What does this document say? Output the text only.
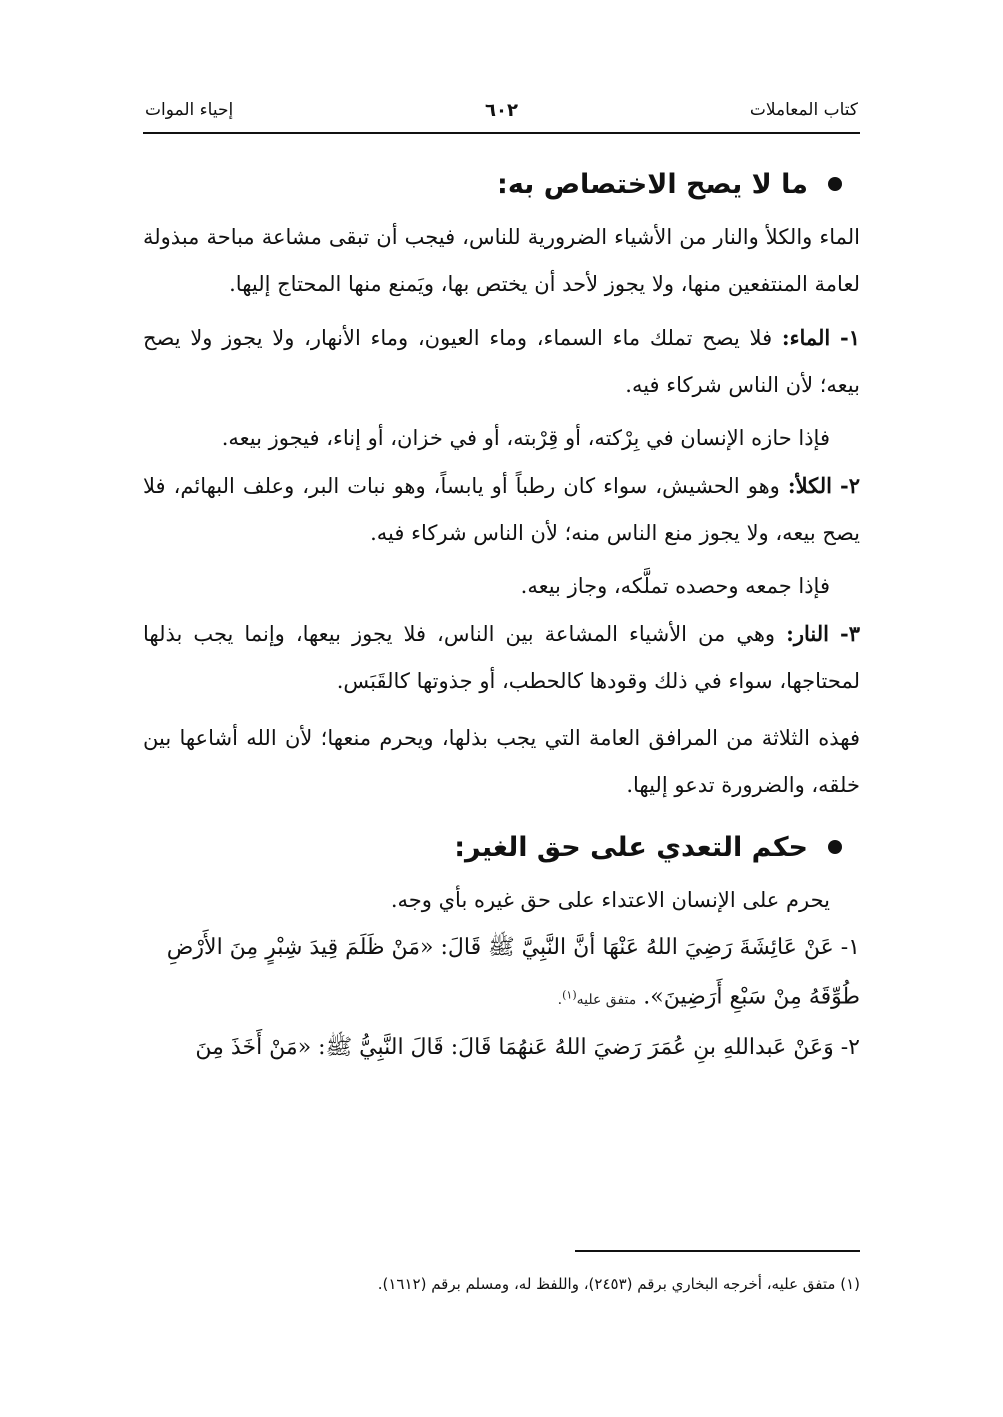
كتاب المعاملات
٦٠٢
إحياء الموات
ما لا يصح الاختصاص به:

الماء والكلأ والنار من الأشياء الضرورية للناس، فيجب أن تبقى مشاعة مباحة مبذولة لعامة المنتفعين منها، ولا يجوز لأحد أن يختص بها، ويَمنع منها المحتاج إليها.

١- الماء: فلا يصح تملك ماء السماء، وماء العيون، وماء الأنهار، ولا يجوز ولا يصح بيعه؛ لأن الناس شركاء فيه.

فإذا حازه الإنسان في بِرْكته، أو قِرْبته، أو في خزان، أو إناء، فيجوز بيعه.

٢- الكلأ: وهو الحشيش، سواء كان رطباً أو يابساً، وهو نبات البر، وعلف البهائم، فلا يصح بيعه، ولا يجوز منع الناس منه؛ لأن الناس شركاء فيه.

فإذا جمعه وحصده تملَّكه، وجاز بيعه.

٣- النار: وهي من الأشياء المشاعة بين الناس، فلا يجوز بيعها، وإنما يجب بذلها لمحتاجها، سواء في ذلك وقودها كالحطب، أو جذوتها كالقَبَس.

فهذه الثلاثة من المرافق العامة التي يجب بذلها، ويحرم منعها؛ لأن الله أشاعها بين خلقه، والضرورة تدعو إليها.

حكم التعدي على حق الغير:

يحرم على الإنسان الاعتداء على حق غيره بأي وجه.

١- عَنْ عَائِشَةَ رَضِيَ اللهُ عَنْهَا أنَّ النَّبِيَّ ﷺ قَالَ: «مَنْ ظَلَمَ قِيدَ شِبْرٍ مِنَ الأَرْضِ طُوِّقَهُ مِنْ سَبْعِ أَرَضِينَ». متفق عليه$^{(١)}$.

٢- وَعَنْ عَبداللهِ بنِ عُمَرَ رَضيَ اللهُ عَنهُمَا قَالَ: قَالَ النَّبِيُّ ﷺ: «مَنْ أَخَذَ مِنَ

(١) متفق عليه، أخرجه البخاري برقم (٢٤٥٣)، واللفظ له، ومسلم برقم (١٦١٢).
